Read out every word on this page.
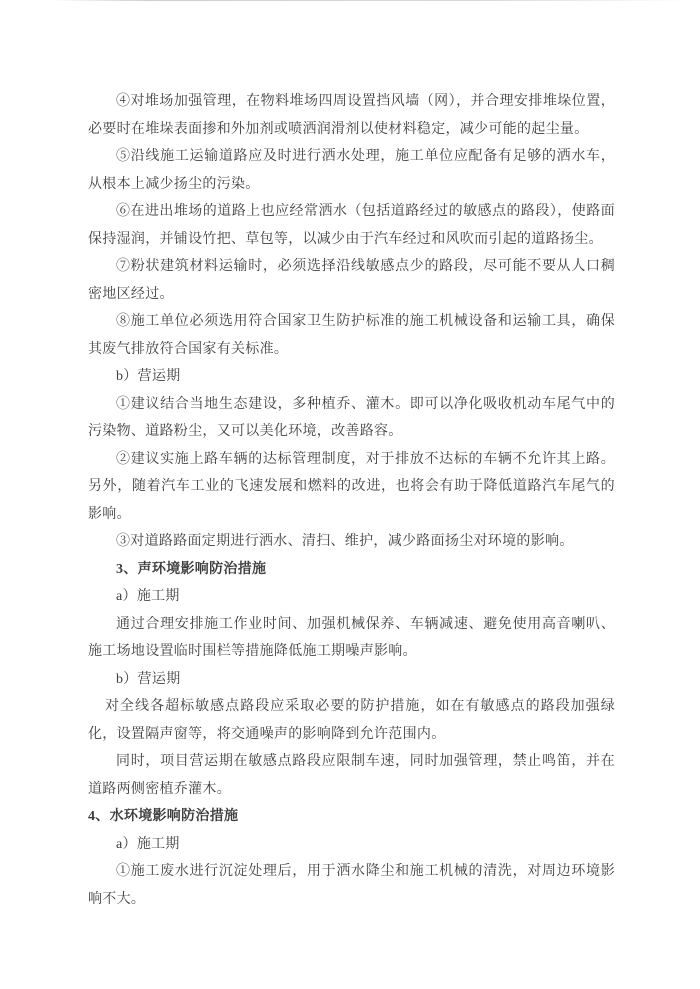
④对堆场加强管理，在物料堆场四周设置挡风墙（网），并合理安排堆垛位置，必要时在堆垛表面掺和外加剂或喷洒润滑剂以使材料稳定，减少可能的起尘量。

⑤沿线施工运输道路应及时进行洒水处理，施工单位应配备有足够的洒水车，从根本上减少扬尘的污染。

⑥在进出堆场的道路上也应经常洒水（包括道路经过的敏感点的路段），使路面保持湿润，并铺设竹把、草包等，以减少由于汽车经过和风吹而引起的道路扬尘。

⑦粉状建筑材料运输时，必须选择沿线敏感点少的路段，尽可能不要从人口稠密地区经过。

⑧施工单位必须选用符合国家卫生防护标准的施工机械设备和运输工具，确保其废气排放符合国家有关标准。

b）营运期

①建议结合当地生态建设，多种植乔、灌木。即可以净化吸收机动车尾气中的污染物、道路粉尘，又可以美化环境，改善路容。

②建议实施上路车辆的达标管理制度，对于排放不达标的车辆不允许其上路。另外，随着汽车工业的飞速发展和燃料的改进，也将会有助于降低道路汽车尾气的影响。

③对道路路面定期进行洒水、清扫、维护，减少路面扬尘对环境的影响。

3、声环境影响防治措施

a）施工期

通过合理安排施工作业时间、加强机械保养、车辆减速、避免使用高音喇叭、施工场地设置临时围栏等措施降低施工期噪声影响。

b）营运期

对全线各超标敏感点路段应采取必要的防护措施，如在有敏感点的路段加强绿化，设置隔声窗等，将交通噪声的影响降到允许范围内。

同时，项目营运期在敏感点路段应限制车速，同时加强管理，禁止鸣笛，并在道路两侧密植乔灌木。

4、水环境影响防治措施

a）施工期

①施工废水进行沉淀处理后，用于洒水降尘和施工机械的清洗，对周边环境影响不大。
